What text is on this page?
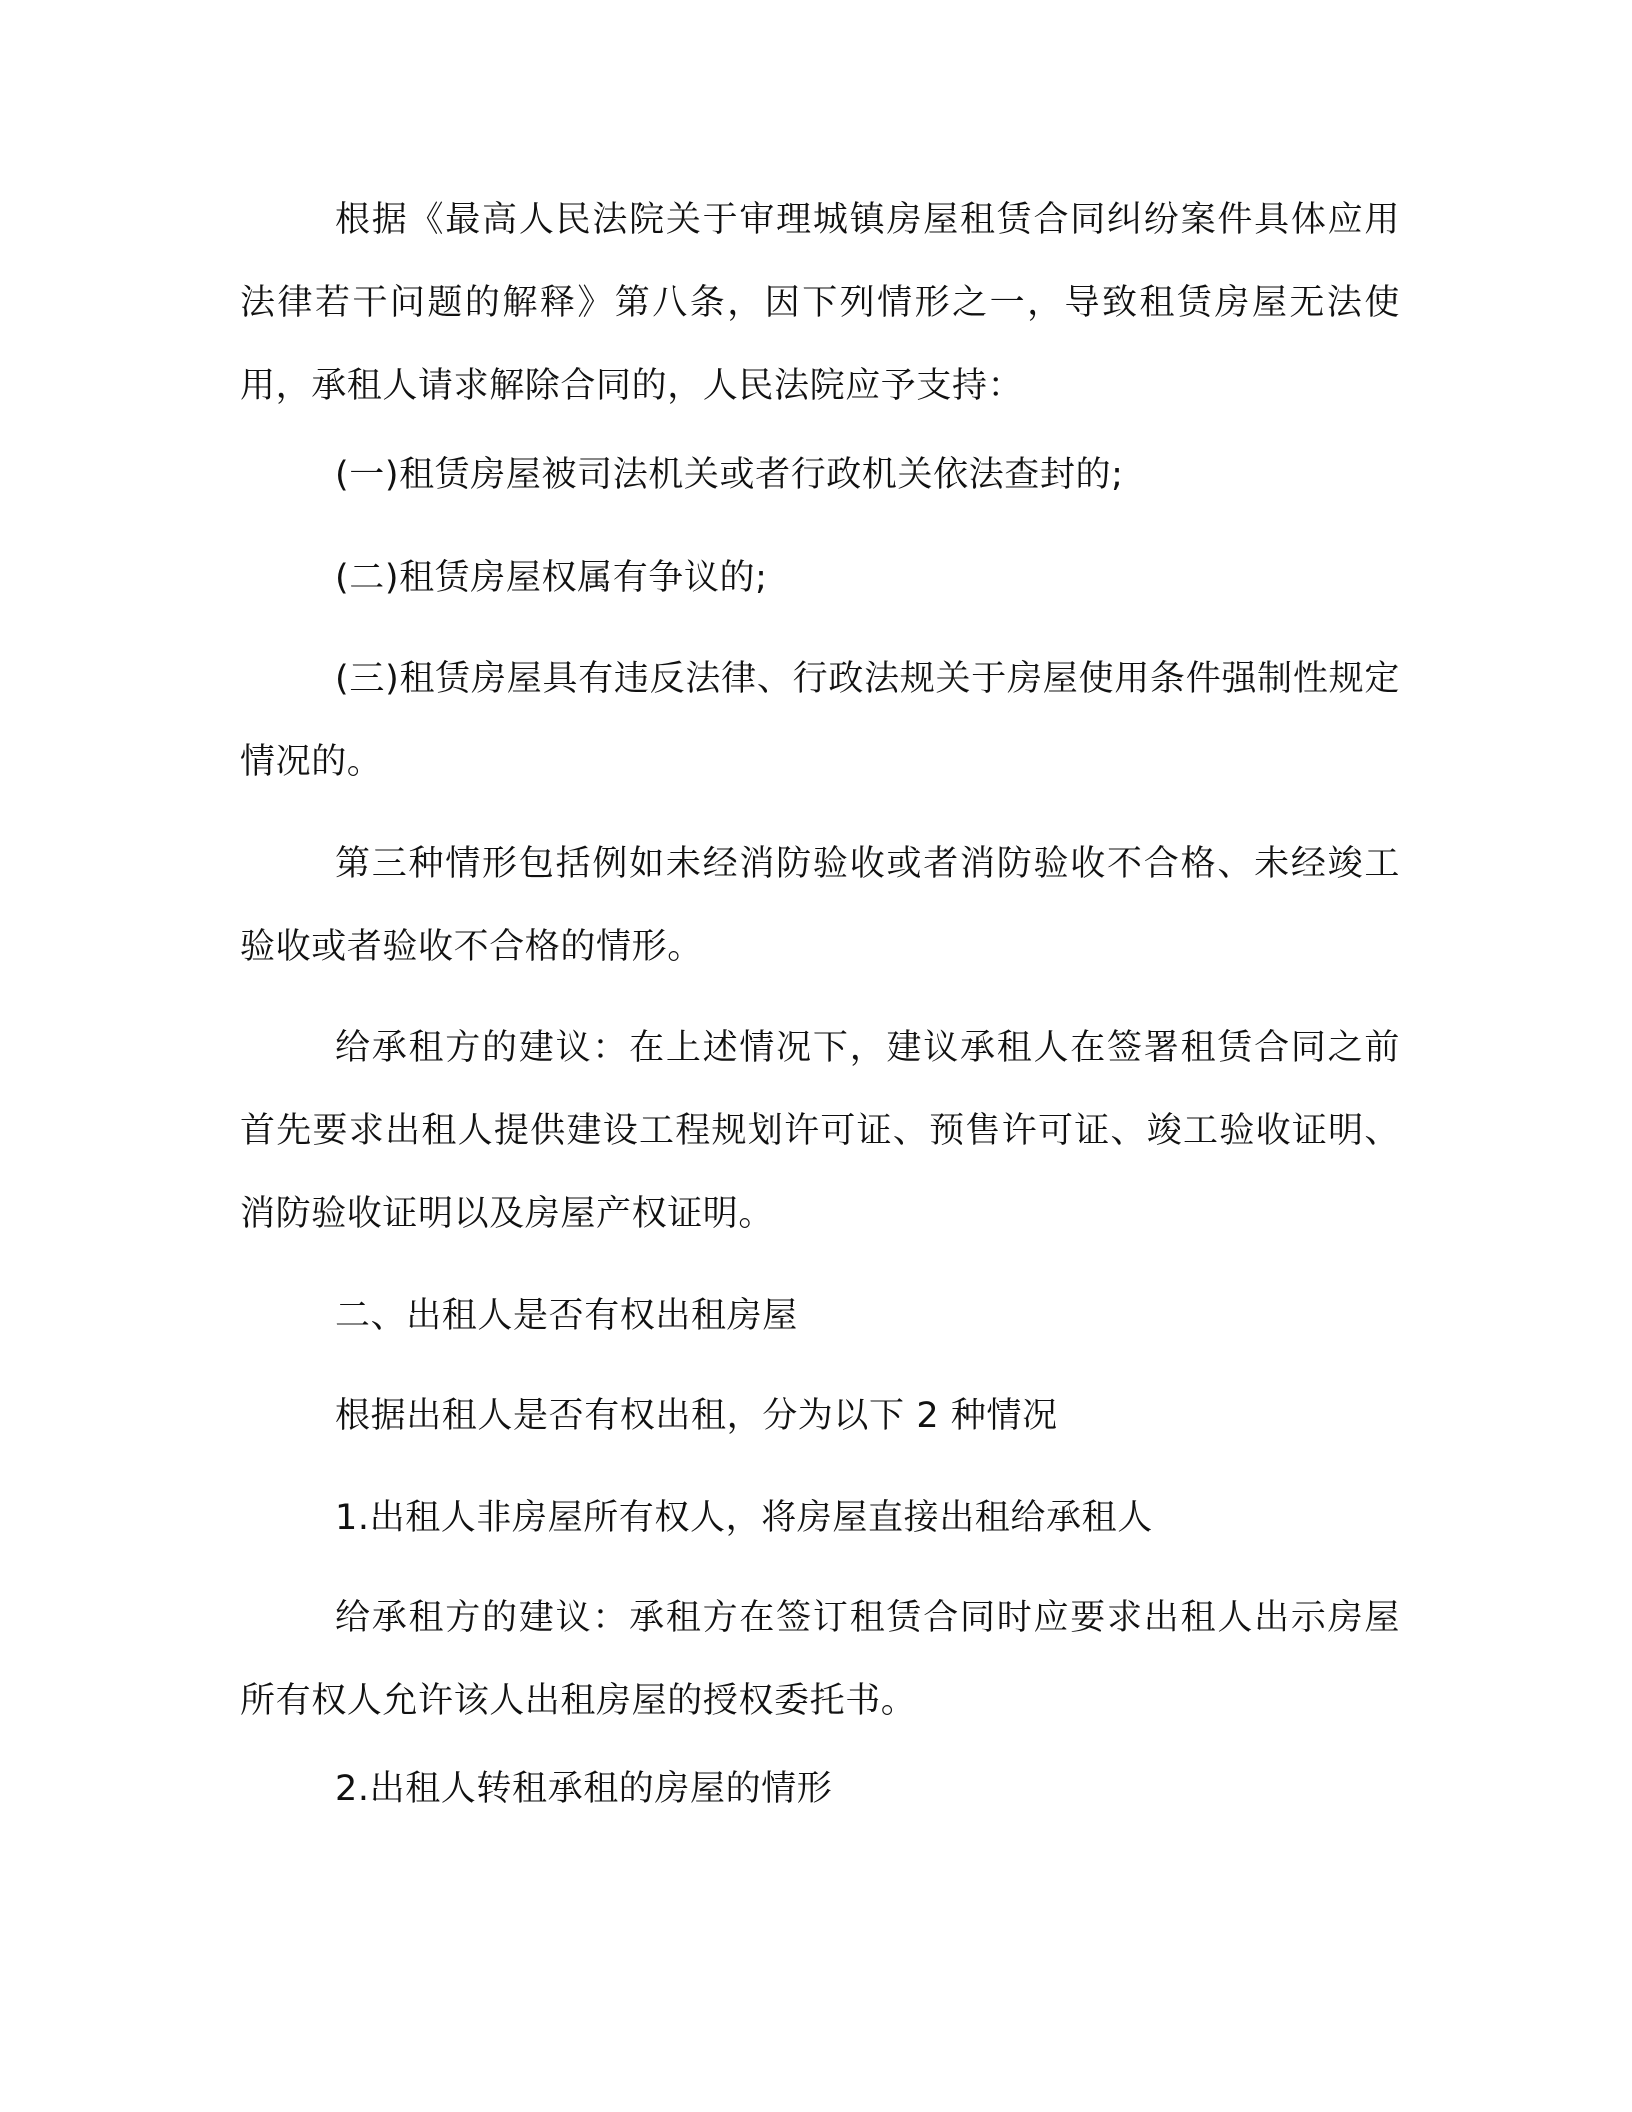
根据《最高人民法院关于审理城镇房屋租赁合同纠纷案件具体应用法律若干问题的解释》第八条，因下列情形之一，导致租赁房屋无法使用，承租人请求解除合同的，人民法院应予支持：

(一)租赁房屋被司法机关或者行政机关依法查封的;

(二)租赁房屋权属有争议的;

(三)租赁房屋具有违反法律、行政法规关于房屋使用条件强制性规定情况的。

第三种情形包括例如未经消防验收或者消防验收不合格、未经竣工验收或者验收不合格的情形。

给承租方的建议：在上述情况下，建议承租人在签署租赁合同之前首先要求出租人提供建设工程规划许可证、预售许可证、竣工验收证明、消防验收证明以及房屋产权证明。

二、出租人是否有权出租房屋

根据出租人是否有权出租，分为以下 2 种情况

1.出租人非房屋所有权人，将房屋直接出租给承租人

给承租方的建议：承租方在签订租赁合同时应要求出租人出示房屋所有权人允许该人出租房屋的授权委托书。

2.出租人转租承租的房屋的情形
